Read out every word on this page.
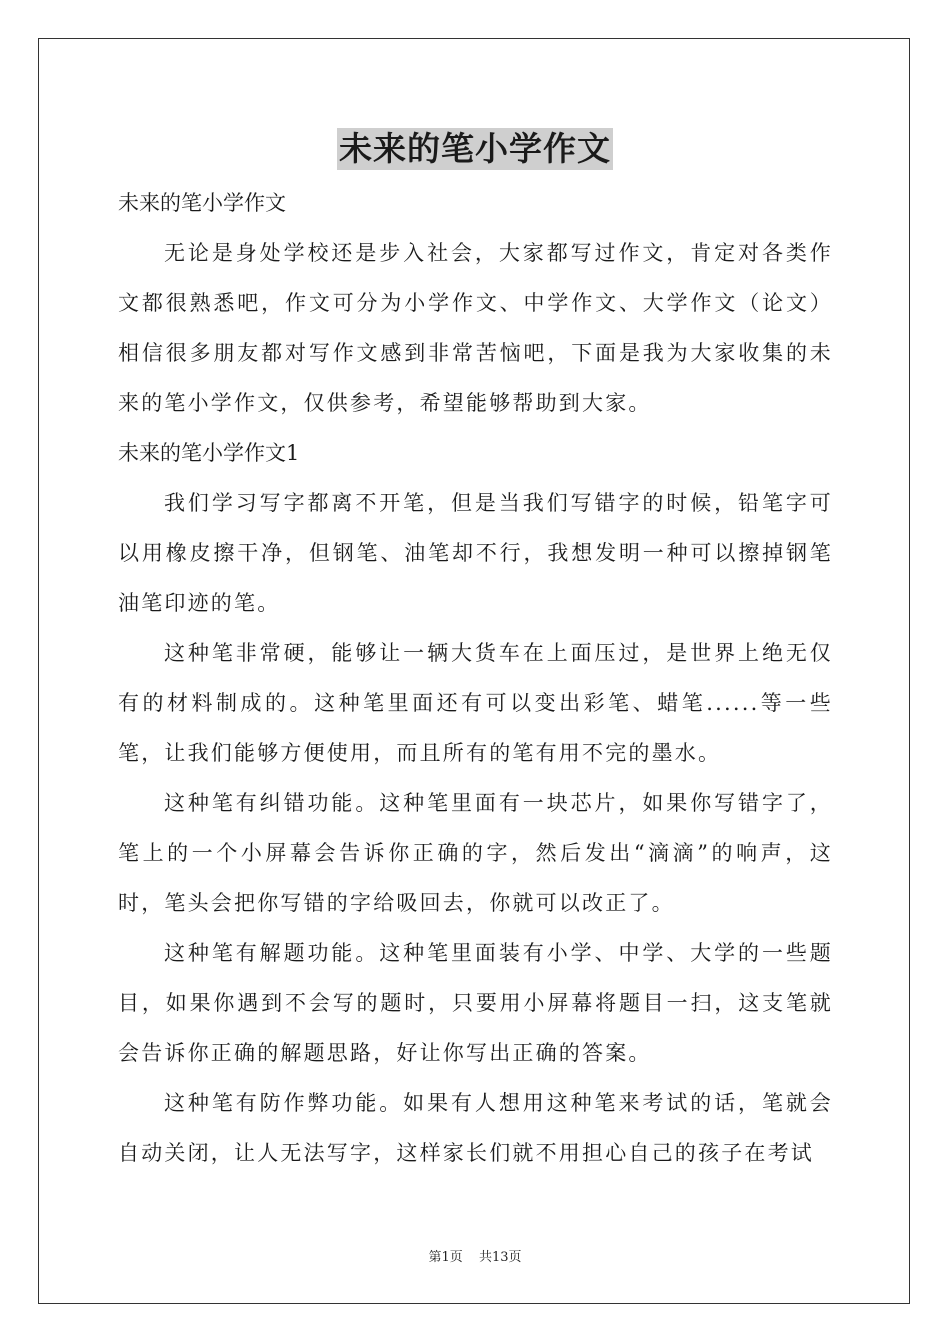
未来的笔小学作文
未来的笔小学作文
无论是身处学校还是步入社会，大家都写过作文，肯定对各类作文都很熟悉吧，作文可分为小学作文、中学作文、大学作文（论文）相信很多朋友都对写作文感到非常苦恼吧，下面是我为大家收集的未来的笔小学作文，仅供参考，希望能够帮助到大家。
未来的笔小学作文1
我们学习写字都离不开笔，但是当我们写错字的时候，铅笔字可以用橡皮擦干净，但钢笔、油笔却不行，我想发明一种可以擦掉钢笔油笔印迹的笔。
这种笔非常硬，能够让一辆大货车在上面压过，是世界上绝无仅有的材料制成的。这种笔里面还有可以变出彩笔、蜡笔......等一些笔，让我们能够方便使用，而且所有的笔有用不完的墨水。
这种笔有纠错功能。这种笔里面有一块芯片，如果你写错字了，笔上的一个小屏幕会告诉你正确的字，然后发出“滴滴”的响声，这时，笔头会把你写错的字给吸回去，你就可以改正了。
这种笔有解题功能。这种笔里面装有小学、中学、大学的一些题目，如果你遇到不会写的题时，只要用小屏幕将题目一扫，这支笔就会告诉你正确的解题思路，好让你写出正确的答案。
这种笔有防作弊功能。如果有人想用这种笔来考试的话，笔就会自动关闭，让人无法写字，这样家长们就不用担心自己的孩子在考试
第1页 共13页
